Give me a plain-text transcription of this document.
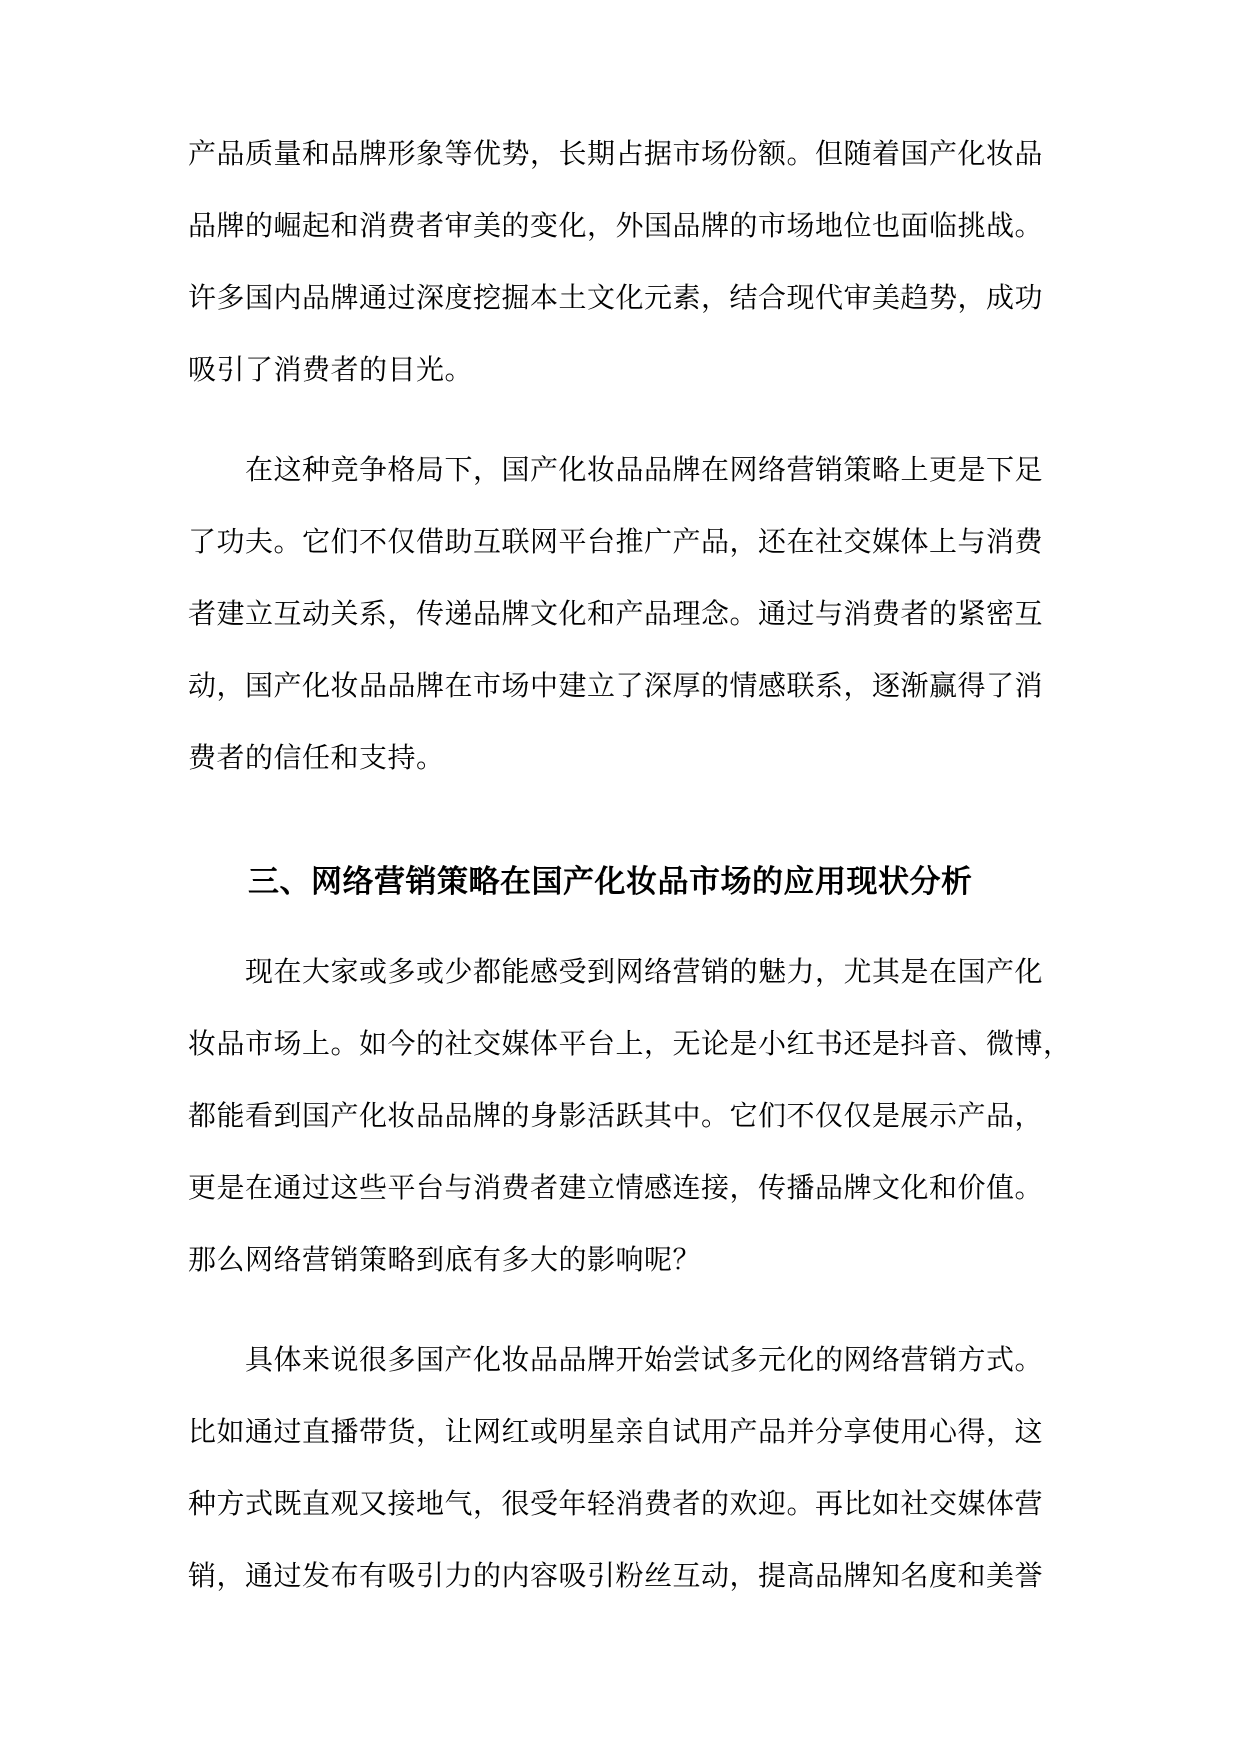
产品质量和品牌形象等优势，长期占据市场份额。但随着国产化妆品
品牌的崛起和消费者审美的变化，外国品牌的市场地位也面临挑战。
许多国内品牌通过深度挖掘本土文化元素，结合现代审美趋势，成功
吸引了消费者的目光。
在这种竞争格局下，国产化妆品品牌在网络营销策略上更是下足
了功夫。它们不仅借助互联网平台推广产品，还在社交媒体上与消费
者建立互动关系，传递品牌文化和产品理念。通过与消费者的紧密互
动，国产化妆品品牌在市场中建立了深厚的情感联系，逐渐赢得了消
费者的信任和支持。
三、网络营销策略在国产化妆品市场的应用现状分析
现在大家或多或少都能感受到网络营销的魅力，尤其是在国产化
妆品市场上。如今的社交媒体平台上，无论是小红书还是抖音、微博，
都能看到国产化妆品品牌的身影活跃其中。它们不仅仅是展示产品，
更是在通过这些平台与消费者建立情感连接，传播品牌文化和价值。
那么网络营销策略到底有多大的影响呢？
具体来说很多国产化妆品品牌开始尝试多元化的网络营销方式。
比如通过直播带货，让网红或明星亲自试用产品并分享使用心得，这
种方式既直观又接地气，很受年轻消费者的欢迎。再比如社交媒体营
销，通过发布有吸引力的内容吸引粉丝互动，提高品牌知名度和美誉
